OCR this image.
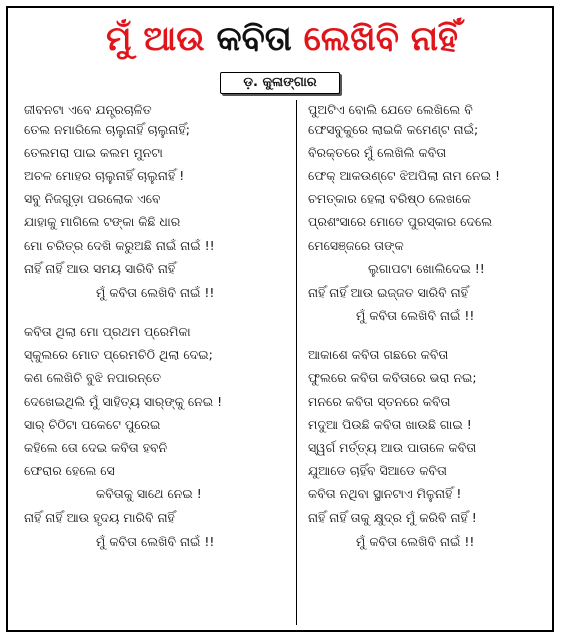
ମୁଁ ଆଉ କବିତା ଲେଖିବି ନାହିଁ
ଡ଼. କୁଳାଙ୍ଗାର
ଜୀବନଟା ଏବେ ଯନ୍ତ୍ରଚାଳିତ
ତେଲ ନମାରିଲେ ଚାଲୁନାହିଁ ଚାଲୁନାହିଁ;
ତେଲମରା ପାଇ କଲମ ମୁନଟା
ଅଚଳ ମୋହର ଚାଲୁନାହିଁ ଚାଲୁନାହିଁ !
ସବୁ ନିଜଗୁଡ଼ା ପରଲୋକ ଏବେ
ଯାହାକୁ ମାଗିଲେ ଟଙ୍କା କିଛି ଧାର
ମୋ ଚରିତ୍ର ଦେଖି କରୁଅଛି ନାଇଁ ନାଇଁ !!
ନାହିଁ ନାହିଁ ଆଉ ସମୟ ସାରିବି ନାହିଁ
ମୁଁ କବିତା ଲେଖିବି ନାଇଁ !!
କବିତା ଥିଲା ମୋ ପ୍ରଥମ ପ୍ରେମିକା
ସ୍କୁଲରେ ମୋତ ପ୍ରେମଚିଠି ଥିଲା ଦେଇ;
କଣ ଲେଖିଚି ବୁଝି ନପାରନ୍ତେ
ଦେଖେଇଥିଲି ମୁଁ ସାହିତ୍ୟ ସାର୍‌ଙ୍କୁ ନେଇ !
ସାର୍ ଚିଠିଟା ପକେଟେ ପୁରେଇ
କହିଲେ ତୋ ଦେଇ କବିତା ହବନି
ଫେରାର ହେଲେ ସେ
କବିତାକୁ ସାଥେ ନେଇ !
ନାହିଁ ନାହିଁ ଆଉ ହୃଦୟ ମାରିବି ନାହିଁ
ମୁଁ କବିତା ଲେଖିବି ନାଇଁ !!
ପୁଅଟିଏ ବୋଲି ଯେତେ ଲେଖିଲେ ବି
ଫେସବୁକୁରେ ଲାଇକି କମେଣ୍ଟ ନାଇଁ;
ବିରକ୍ତରେ ମୁଁ ଲେଖିଲି କବିତା
ଫେକ୍ ଆକଉଣ୍ଟେ ଝିଅପିଲା ନାମ ନେଇ !
ଚମତ୍କାର ହେଲା ବରିଷ୍ଠ ଲେଖକେ
ପ୍ରଶଂସାରେ ମୋତେ ପୁରସ୍କାର ଦେଲେ
ମେସେଞ୍ଜରେ ତାଙ୍କ
ଲୁଗାପଟା ଖୋଲିଦେଇ !!
ନାହିଁ ନାହିଁ ଆଉ ଇଜ୍ଜତ ସାରିବି ନାହିଁ
ମୁଁ କବିତା ଲେଖିବି ନାଇଁ !!
ଆକାଶେ କବିତା ଗଛରେ କବିତା
ଫୁଲରେ କବିତା କବିତାରେ ଭରା ନଇ;
ମନରେ କବିତା ସ୍ତନରେ କବିତା
ମଦୁଆ ପିଉଛି କବିତା ଖାଉଛି ଗାଇ !
ସ୍ୱର୍ଗ ମର୍ତ୍ତ୍ୟ ଆଉ ପାତାଳେ କବିତା
ଯୁଆଡେ ଚାହିଁବ ସିଆଡେ କବିତା
କବିତା ନଥିବା ସ୍ଥାନଟାଏ ମିଳୁନାହିଁ !
ନାହିଁ ନାହିଁ ତାକୁ କ୍ଷୁଦ୍ର ମୁଁ କରିବି ନାହିଁ !
ମୁଁ କବିତା ଲେଖିବି ନାଇଁ !!
